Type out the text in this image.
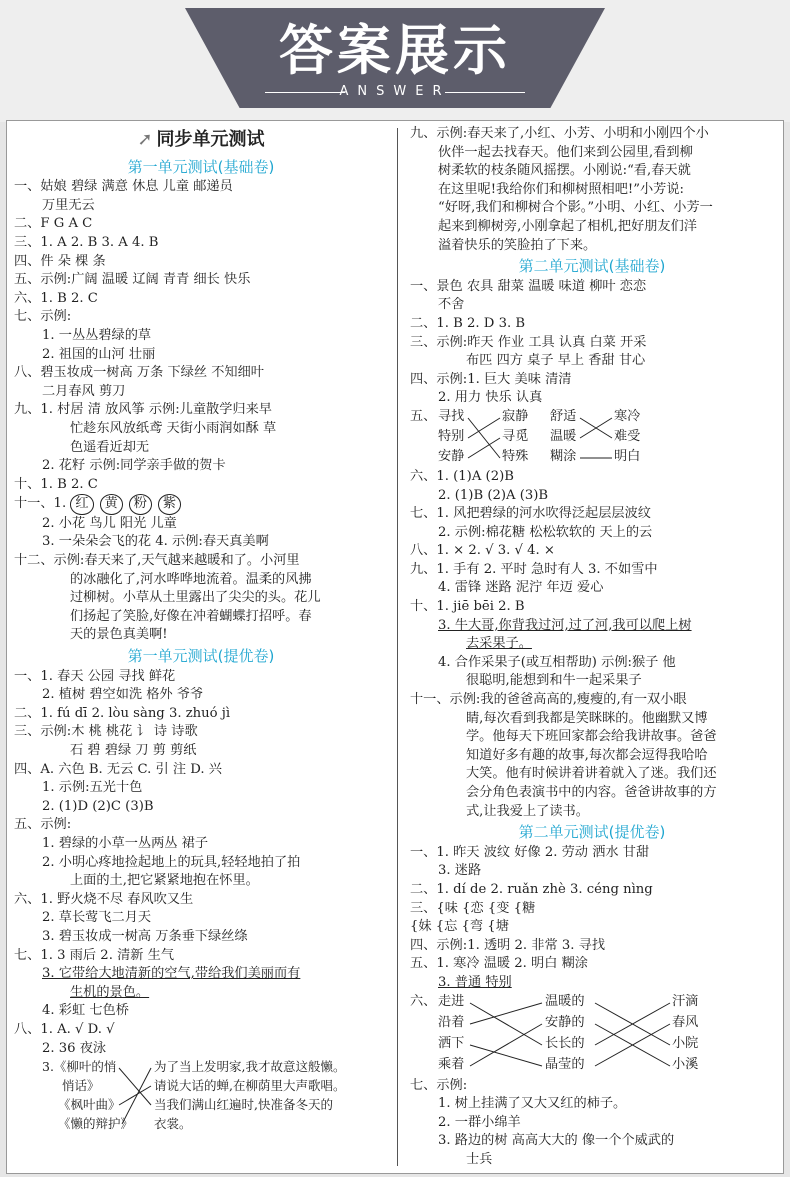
答案展示
ANSWER
➚ 同步单元测试
第一单元测试(基础卷)
一、姑娘 碧绿 满意 休息 儿童 邮递员
万里无云
二、F G A C
三、1. A 2. B 3. A 4. B
四、件 朵 棵 条
五、示例:广阔 温暖 辽阔 青青 细长 快乐
六、1. B 2. C
七、示例:
1. 一丛丛碧绿的草
2. 祖国的山河 壮丽
八、碧玉妆成一树高 万条 下绿丝 不知细叶
二月春风 剪刀
九、1. 村居 清 放风筝 示例:儿童散学归来早
忙趁东风放纸鸢 天街小雨润如酥 草
色遥看近却无
2. 花籽 示例:同学亲手做的贺卡
十、1. B 2. C
十一、1. 红 黄 粉 紫
2. 小花 鸟儿 阳光 儿童
3. 一朵朵会飞的花 4. 示例:春天真美啊
十二、示例:春天来了,天气越来越暖和了。小河里
的冰融化了,河水哗哗地流着。温柔的风拂
过柳树。小草从土里露出了尖尖的头。花儿
们扬起了笑脸,好像在冲着蝴蝶打招呼。春
天的景色真美啊!
第一单元测试(提优卷)
一、1. 春天 公园 寻找 鲜花
2. 植树 碧空如洗 格外 爷爷
二、1. fú dī 2. lòu sàng 3. zhuó jì
三、示例:木 桃 桃花 讠 诗 诗歌
石 碧 碧绿 刀 剪 剪纸
四、A. 六色 B. 无云 C. 引 注 D. 兴
1. 示例:五光十色
2. (1)D (2)C (3)B
五、示例:
1. 碧绿的小草一丛两丛 裙子
2. 小明心疼地捡起地上的玩具,轻轻地拍了拍
上面的土,把它紧紧地抱在怀里。
六、1. 野火烧不尽 春风吹又生
2. 草长莺飞二月天
3. 碧玉妆成一树高 万条垂下绿丝绦
七、1. 3 雨后 2. 清新 生气
3. 它带给大地清新的空气,带给我们美丽而有
生机的景色。
4. 彩虹 七色桥
八、1. A. √ D. √
2. 36 夜泳
3.《柳叶的悄
悄话》
《枫叶曲》
《懒的辩护》
为了当上发明家,我才故意这般懒。
请说大话的蝉,在柳荫里大声歌唱。
当我们满山红遍时,快准备冬天的
衣裳。
九、示例:春天来了,小红、小芳、小明和小刚四个小
伙伴一起去找春天。他们来到公园里,看到柳
树柔软的枝条随风摇摆。小刚说:“看,春天就
在这里呢!我给你们和柳树照相吧!”小芳说:
“好呀,我们和柳树合个影。”小明、小红、小芳一
起来到柳树旁,小刚拿起了相机,把好朋友们洋
溢着快乐的笑脸拍了下来。
第二单元测试(基础卷)
一、景色 农具 甜菜 温暖 味道 柳叶 恋恋
不舍
二、1. B 2. D 3. B
三、示例:昨天 作业 工具 认真 白菜 开采
布匹 四方 桌子 早上 香甜 甘心
四、示例:1. 巨大 美味 清清
2. 用力 快乐 认真
五、 寻找
特别
安静
寂静
寻觅
特殊
舒适
温暖
糊涂
寒冷
难受
明白
六、1. (1)A (2)B
2. (1)B (2)A (3)B
七、1. 风把碧绿的河水吹得泛起层层波纹
2. 示例:棉花糖 松松软软的 天上的云
八、1. × 2. √ 3. √ 4. ×
九、1. 手有 2. 平时 急时有人 3. 不如雪中
4. 雷锋 迷路 泥泞 年迈 爱心
十、1. jiē bēi 2. B
3. 牛大哥,你背我过河,过了河,我可以爬上树
去采果子。
4. 合作采果子(或互相帮助) 示例:猴子 他
很聪明,能想到和牛一起采果子
十一、示例:我的爸爸高高的,瘦瘦的,有一双小眼
睛,每次看到我都是笑眯眯的。他幽默又博
学。他每天下班回家都会给我讲故事。爸爸
知道好多有趣的故事,每次都会逗得我哈哈
大笑。他有时候讲着讲着就入了迷。我们还
会分角色表演书中的内容。爸爸讲故事的方
式,让我爱上了读书。
第二单元测试(提优卷)
一、1. 昨天 波纹 好像 2. 劳动 洒水 甘甜
3. 迷路
二、1. dí de 2. ruǎn zhè 3. céng nìng
三、{味 {恋 {变 {糖
{妹 {忘 {弯 {塘
四、示例:1. 透明 2. 非常 3. 寻找
五、1. 寒冷 温暖 2. 明白 糊涂
3. 普通 特别
六、 走进
沿着
洒下
乘着
温暖的
安静的
长长的
晶莹的
汗滴
春风
小院
小溪
七、示例:
1. 树上挂满了又大又红的柿子。
2. 一群小绵羊
3. 路边的树 高高大大的 像一个个威武的
士兵
